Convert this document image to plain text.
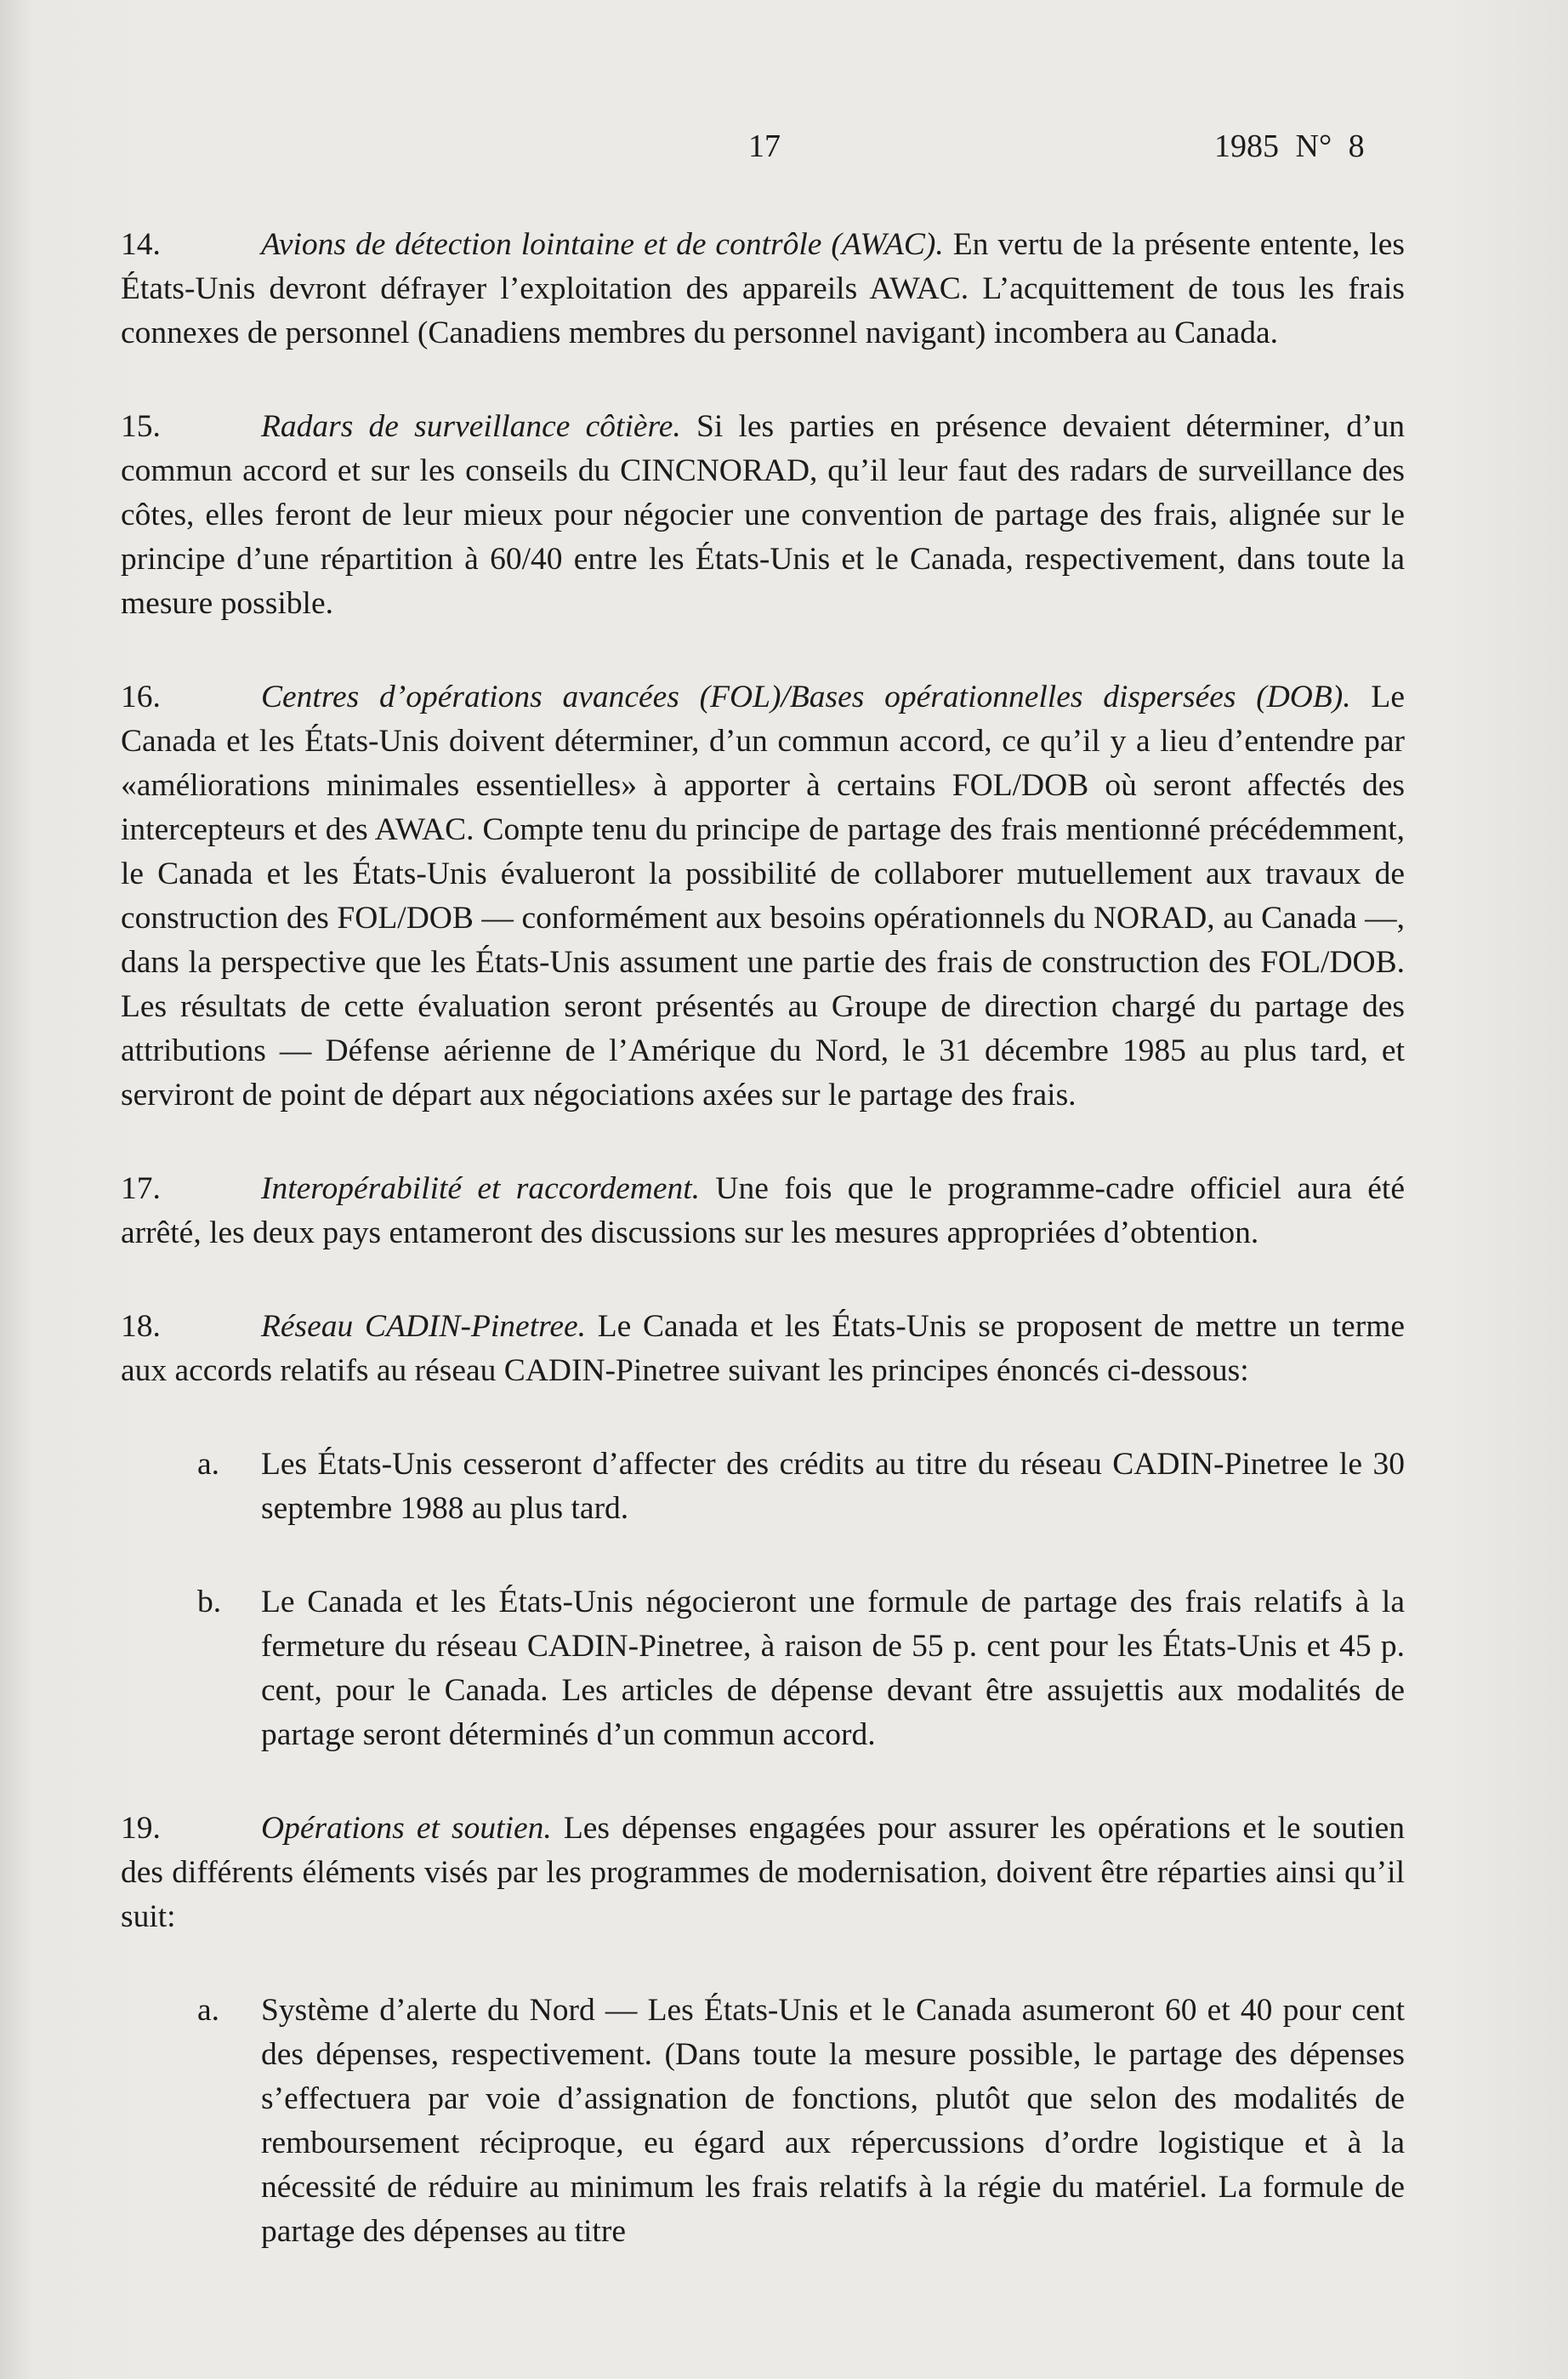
17	1985 N° 8

14.	Avions de détection lointaine et de contrôle (AWAC). En vertu de la présente entente, les États-Unis devront défrayer l’exploitation des appareils AWAC. L’acquittement de tous les frais connexes de personnel (Canadiens membres du personnel navigant) incombera au Canada.

15.	Radars de surveillance côtière. Si les parties en présence devaient déterminer, d’un commun accord et sur les conseils du CINCNORAD, qu’il leur faut des radars de surveillance des côtes, elles feront de leur mieux pour négocier une convention de partage des frais, alignée sur le principe d’une répartition à 60/40 entre les États-Unis et le Canada, respectivement, dans toute la mesure possible.

16.	Centres d’opérations avancées (FOL)/Bases opérationnelles dispersées (DOB). Le Canada et les États-Unis doivent déterminer, d’un commun accord, ce qu’il y a lieu d’entendre par «améliorations minimales essentielles» à apporter à certains FOL/DOB où seront affectés des intercepteurs et des AWAC. Compte tenu du principe de partage des frais mentionné précédemment, le Canada et les États-Unis évalueront la possibilité de collaborer mutuellement aux travaux de construction des FOL/DOB — conformément aux besoins opérationnels du NORAD, au Canada —, dans la perspective que les États-Unis assument une partie des frais de construction des FOL/DOB. Les résultats de cette évaluation seront présentés au Groupe de direction chargé du partage des attributions — Défense aérienne de l’Amérique du Nord, le 31 décembre 1985 au plus tard, et serviront de point de départ aux négociations axées sur le partage des frais.

17.	Interopérabilité et raccordement. Une fois que le programme-cadre officiel aura été arrêté, les deux pays entameront des discussions sur les mesures appropriées d’obtention.

18.	Réseau CADIN-Pinetree. Le Canada et les États-Unis se proposent de mettre un terme aux accords relatifs au réseau CADIN-Pinetree suivant les principes énoncés ci-dessous:

a. Les États-Unis cesseront d’affecter des crédits au titre du réseau CADIN-Pinetree le 30 septembre 1988 au plus tard.

b. Le Canada et les États-Unis négocieront une formule de partage des frais relatifs à la fermeture du réseau CADIN-Pinetree, à raison de 55 p. cent pour les États-Unis et 45 p. cent, pour le Canada. Les articles de dépense devant être assujettis aux modalités de partage seront déterminés d’un commun accord.

19.	Opérations et soutien. Les dépenses engagées pour assurer les opérations et le soutien des différents éléments visés par les programmes de modernisation, doivent être réparties ainsi qu’il suit:

a. Système d’alerte du Nord — Les États-Unis et le Canada asumeront 60 et 40 pour cent des dépenses, respectivement. (Dans toute la mesure possible, le partage des dépenses s’effectuera par voie d’assignation de fonctions, plutôt que selon des modalités de remboursement réciproque, eu égard aux répercussions d’ordre logistique et à la nécessité de réduire au minimum les frais relatifs à la régie du matériel. La formule de partage des dépenses au titre
